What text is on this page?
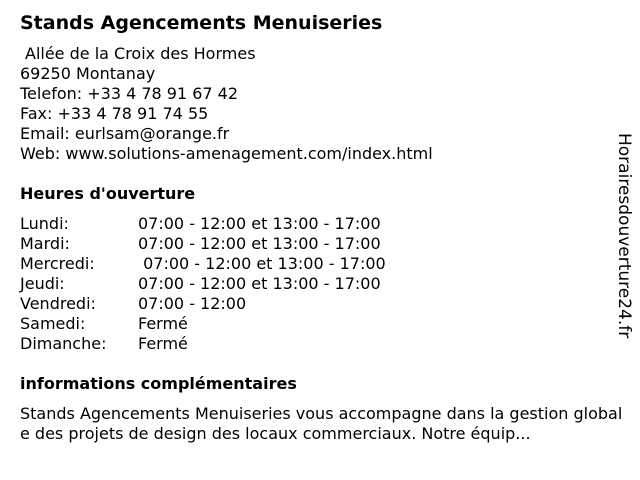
Stands Agencements Menuiseries
Allée de la Croix des Hormes
69250 Montanay
Telefon: +33 4 78 91 67 42
Fax: +33 4 78 91 74 55
Email: eurlsam@orange.fr
Web: www.solutions-amenagement.com/index.html
Heures d'ouverture
Lundi:	07:00 - 12:00 et 13:00 - 17:00
Mardi:	07:00 - 12:00 et 13:00 - 17:00
Mercredi:	07:00 - 12:00 et 13:00 - 17:00
Jeudi:	07:00 - 12:00 et 13:00 - 17:00
Vendredi:	07:00 - 12:00
Samedi:	Fermé
Dimanche: Fermé
informations complémentaires

Stands Agencements Menuiseries vous accompagne dans la gestion globale des projets de design des locaux commerciaux. Notre équip...

Horairesdouverture24.fr
